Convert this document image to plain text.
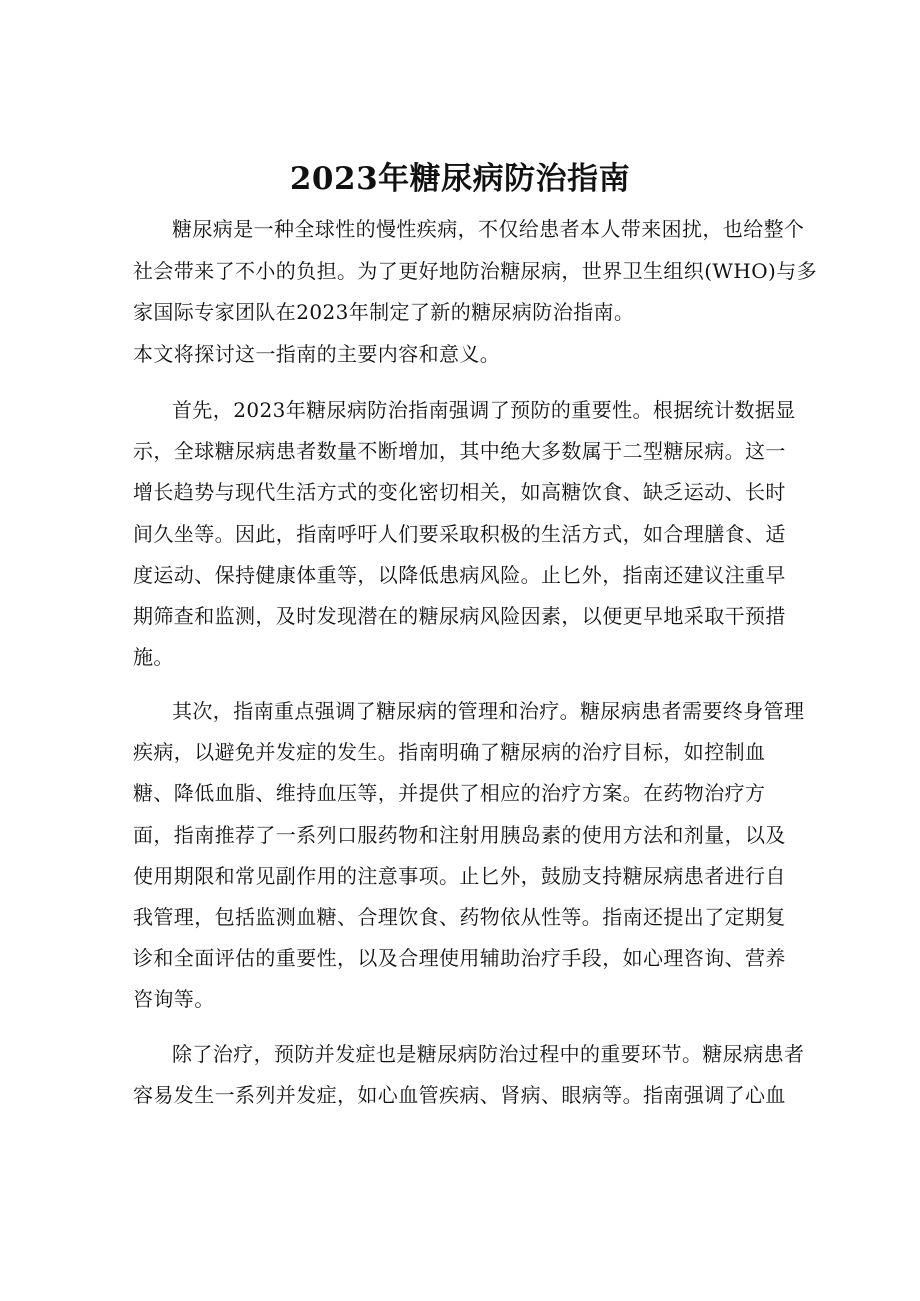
2023年糖尿病防治指南

糖尿病是一种全球性的慢性疾病，不仅给患者本人带来困扰，也给整个

社会带来了不小的负担。为了更好地防治糖尿病，世界卫生组织(WHO)与多

家国际专家团队在2023年制定了新的糖尿病防治指南。

本文将探讨这一指南的主要内容和意义。

首先，2023年糖尿病防治指南强调了预防的重要性。根据统计数据显

示，全球糖尿病患者数量不断增加，其中绝大多数属于二型糖尿病。这一

增长趋势与现代生活方式的变化密切相关，如高糖饮食、缺乏运动、长时

间久坐等。因此，指南呼吁人们要采取积极的生活方式，如合理膳食、适

度运动、保持健康体重等，以降低患病风险。止匕外，指南还建议注重早

期筛查和监测，及时发现潜在的糖尿病风险因素，以便更早地采取干预措

施。

其次，指南重点强调了糖尿病的管理和治疗。糖尿病患者需要终身管理

疾病，以避免并发症的发生。指南明确了糖尿病的治疗目标，如控制血

糖、降低血脂、维持血压等，并提供了相应的治疗方案。在药物治疗方

面，指南推荐了一系列口服药物和注射用胰岛素的使用方法和剂量，以及

使用期限和常见副作用的注意事项。止匕外，鼓励支持糖尿病患者进行自

我管理，包括监测血糖、合理饮食、药物依从性等。指南还提出了定期复

诊和全面评估的重要性，以及合理使用辅助治疗手段，如心理咨询、营养

咨询等。

除了治疗，预防并发症也是糖尿病防治过程中的重要环节。糖尿病患者

容易发生一系列并发症，如心血管疾病、肾病、眼病等。指南强调了心血
